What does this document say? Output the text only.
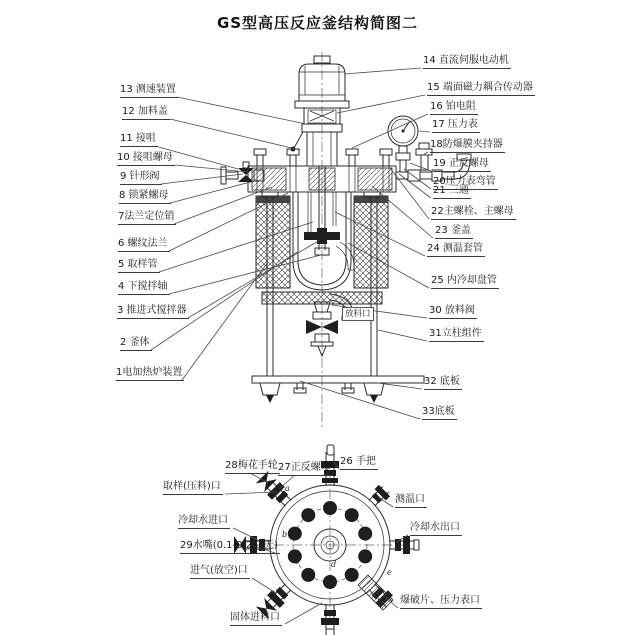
GS型高压反应釜结构简图二
13 测速装置
12 加料盖
11 接咀
10 接咀螺母
9 针形阀
8 锁紧螺母
7法兰定位销
6 螺纹法兰
5 取样管
4 下搅拌轴
3 推进式搅拌器
2 釜体
1电加热炉装置
14 直流伺服电动机
15 端面磁力耦合传动器
16 铂电阻
17 压力表
18防爆膜夹持器
19 正反螺母
20压力表弯管
21 三通
22主螺栓、主螺母
23 釜盖
24 测温套管
25 内冷却盘管
30 放料阀
31立柱组件
32 底板
33底板
放料口
28梅花手轮 27正反螺母
26 手把
取样(压料)口
测温口
冷却水进口
冷却水出口
29水嘴(0.1-0.25L无)
进气(放空)口
爆破片、压力表口
固体进料口
a
b
c	d
e
f
